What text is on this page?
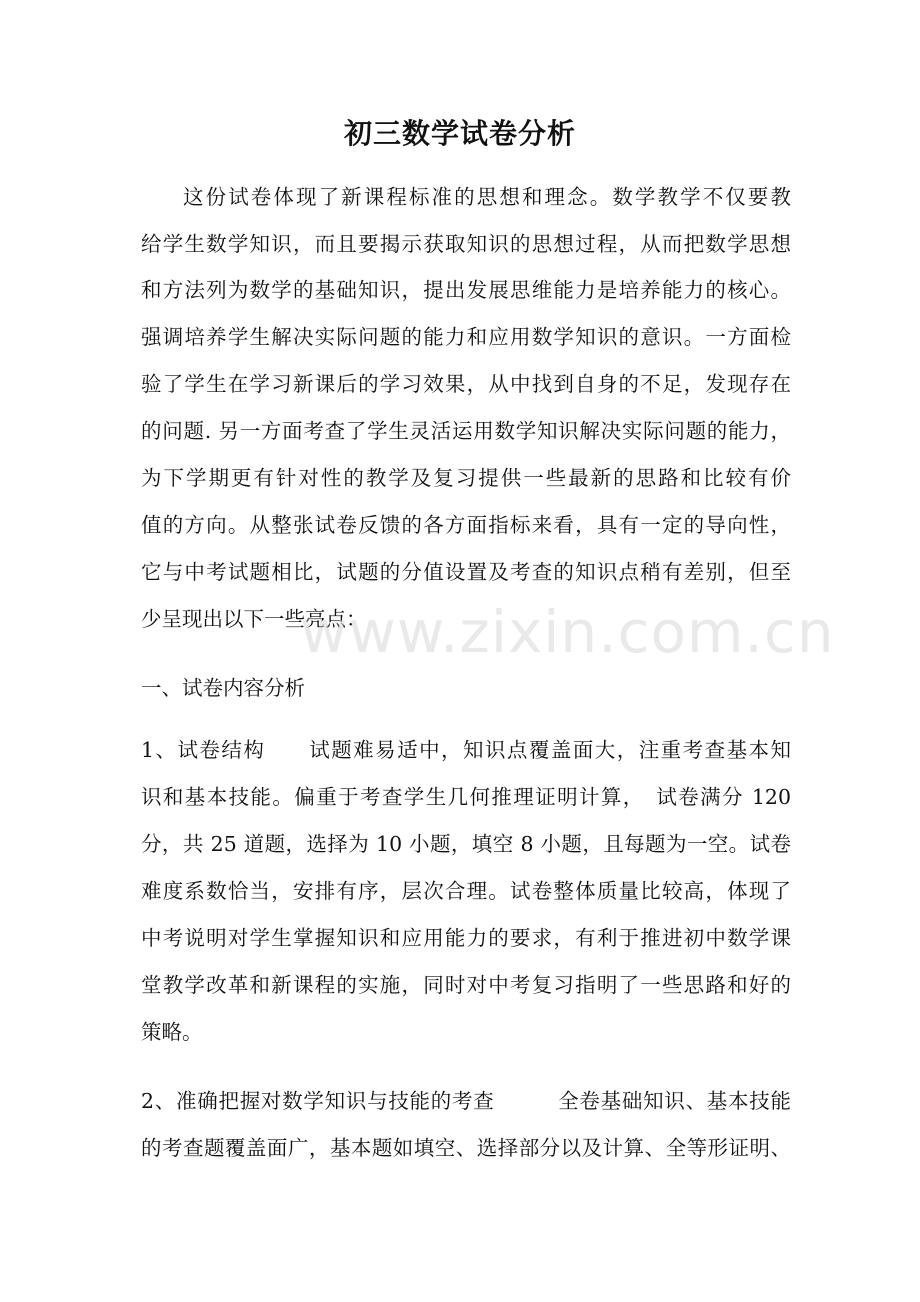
初三数学试卷分析
这份试卷体现了新课程标准的思想和理念。数学教学不仅要教
给学生数学知识，而且要揭示获取知识的思想过程，从而把数学思想
和方法列为数学的基础知识，提出发展思维能力是培养能力的核心。
强调培养学生解决实际问题的能力和应用数学知识的意识。一方面检
验了学生在学习新课后的学习效果，从中找到自身的不足，发现存在
的问题. 另一方面考查了学生灵活运用数学知识解决实际问题的能力，
为下学期更有针对性的教学及复习提供一些最新的思路和比较有价
值的方向。从整张试卷反馈的各方面指标来看，具有一定的导向性，
它与中考试题相比，试题的分值设置及考查的知识点稍有差别，但至
少呈现出以下一些亮点：
一、试卷内容分析
1、试卷结构　　试题难易适中，知识点覆盖面大，注重考查基本知
识和基本技能。偏重于考查学生几何推理证明计算，　试卷满分 120
分，共 25 道题，选择为 10 小题，填空 8 小题，且每题为一空。试卷
难度系数恰当，安排有序，层次合理。试卷整体质量比较高，体现了
中考说明对学生掌握知识和应用能力的要求，有利于推进初中数学课
堂教学改革和新课程的实施，同时对中考复习指明了一些思路和好的
策略。
2、准确把握对数学知识与技能的考查　　　全卷基础知识、基本技能
的考查题覆盖面广，基本题如填空、选择部分以及计算、全等形证明、
www.zixin.com.cn
